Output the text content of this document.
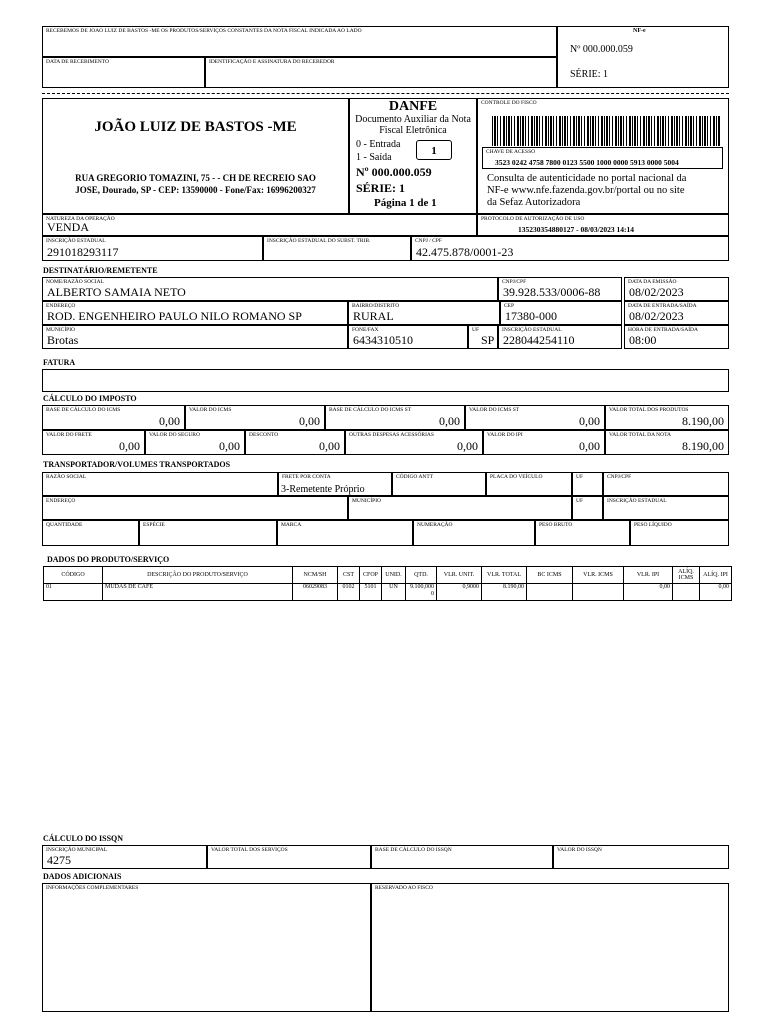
RECEBEMOS DE JOAO LUIZ DE BASTOS -ME OS PRODUTOS/SERVIÇOS CONSTANTES DA NOTA FISCAL INDICADA AO LADO
DATA DE RECEBIMENTO	IDENTIFICAÇÃO E ASSINATURA DO RECEBEDOR
NF-e
Nº 000.000.059
SÉRIE: 1
JOÃO LUIZ DE BASTOS -ME
RUA GREGORIO TOMAZINI, 75 - - CH DE RECREIO SAO
JOSE, Dourado, SP - CEP: 13590000 - Fone/Fax: 16996200327
DANFE
Documento Auxiliar da Nota
Fiscal Eletrônica
0 - Entrada
1 - Saída
1
Nº 000.000.059
SÉRIE: 1
Página 1 de 1
CONTROLE DO FISCO
CHAVE DE ACESSO
3523 0242 4758 7800 0123 5500 1000 0000 5913 0000 5004
Consulta de autenticidade no portal nacional da
NF-e www.nfe.fazenda.gov.br/portal ou no site
da Sefaz Autorizadora
NATUREZA DA OPERAÇÃO
VENDA
PROTOCOLO DE AUTORIZAÇÃO DE USO
135230354880127 - 08/03/2023 14:14
INSCRIÇÃO ESTADUAL
291018293117
INSCRIÇÃO ESTADUAL DO SUBST. TRIB.	CNPJ / CPF
42.475.878/0001-23
DESTINATÁRIO/REMETENTE
NOME/RAZÃO SOCIAL
ALBERTO SAMAIA NETO
CNPJ/CPF
39.928.533/0006-88
DATA DA EMISSÃO
08/02/2023
ENDEREÇO
ROD. ENGENHEIRO PAULO NILO ROMANO SP
BAIRRO/DISTRITO
RURAL
CEP
17380-000
DATA DE ENTRADA/SAÍDA
08/02/2023
MUNICÍPIO
Brotas
FONE/FAX
6434310510
UF
SP
INSCRIÇÃO ESTADUAL
228044254110
HORA DE ENTRADA/SAÍDA
08:00
FATURA
CÁLCULO DO IMPOSTO
BASE DE CÁLCULO DO ICMS
0,00
VALOR DO ICMS
0,00
BASE DE CÁLCULO DO ICMS ST
0,00
VALOR DO ICMS ST
0,00
VALOR TOTAL DOS PRODUTOS
8.190,00
VALOR DO FRETE
0,00
VALOR DO SEGURO
0,00
DESCONTO
0,00
OUTRAS DESPESAS ACESSÓRIAS
0,00
VALOR DO IPI
0,00
VALOR TOTAL DA NOTA
8.190,00
TRANSPORTADOR/VOLUMES TRANSPORTADOS
RAZÃO SOCIAL	FRETE POR CONTA
3-Remetente Próprio
CÓDIGO ANTT	PLACA DO VEÍCULO	UF	CNPJ/CPF
ENDEREÇO	MUNICÍPIO	UF	INSCRIÇÃO ESTADUAL
QUANTIDADE	ESPÉCIE	MARCA	NUMERAÇÃO	PESO BRUTO	PESO LÍQUIDO
DADOS DO PRODUTO/SERVIÇO
CÓDIGO	DESCRIÇÃO DO PRODUTO/SERVIÇO	NCM/SH	CST	CFOP	UNID.	QTD.	VLR. UNIT.	VLR. TOTAL	BC ICMS	VLR. ICMS	VLR. IPI	ALÍQ. ICMS	ALÍQ. IPI
01	MUDAS DE CAFE	06029083	0102	5101	UN	9.100,0000	0,9000	8.190,00			0,00		0,00
CÁLCULO DO ISSQN
INSCRIÇÃO MUNICIPAL
4275
VALOR TOTAL DOS SERVIÇOS	BASE DE CÁLCULO DO ISSQN	VALOR DO ISSQN
DADOS ADICIONAIS
INFORMAÇÕES COMPLEMENTARES	RESERVADO AO FISCO
